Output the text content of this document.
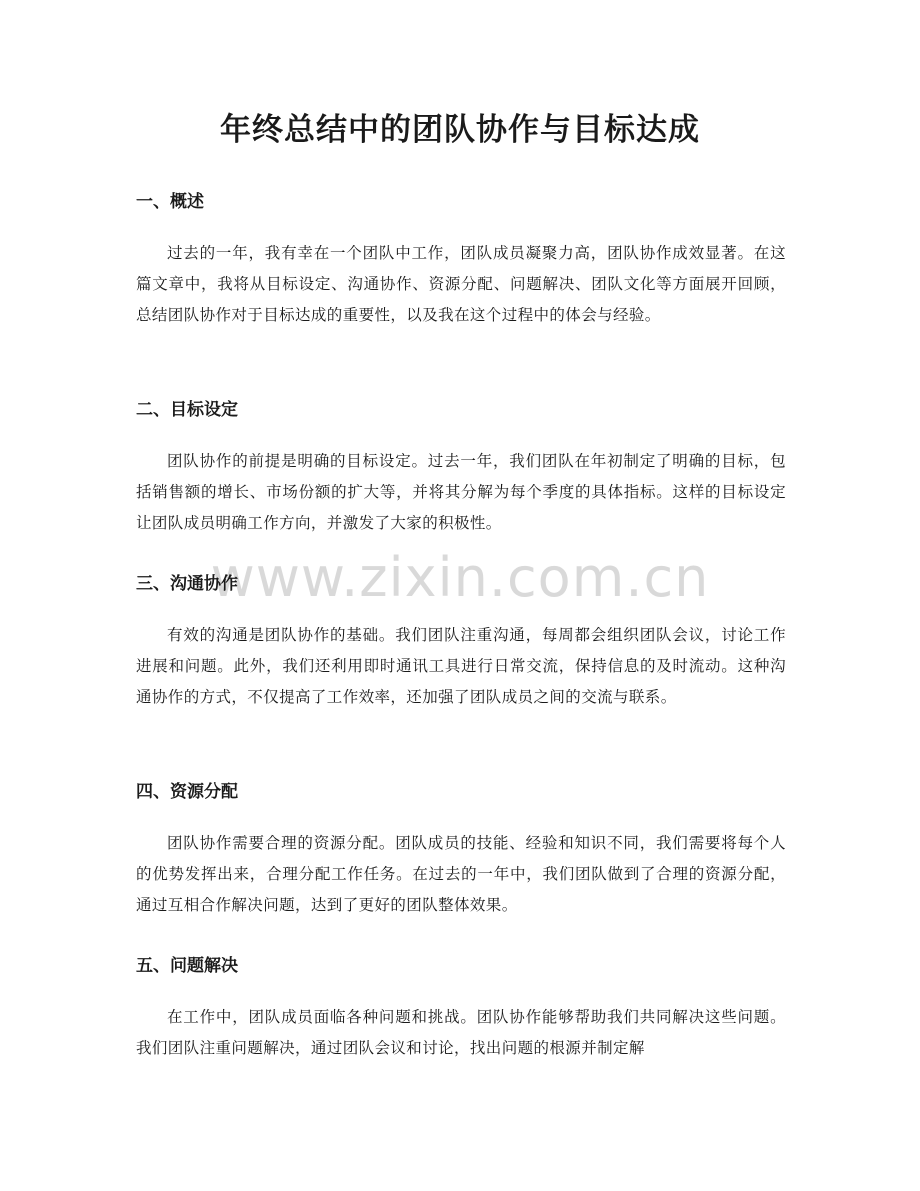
www.zixin.com.cn
年终总结中的团队协作与目标达成
一、概述

过去的一年，我有幸在一个团队中工作，团队成员凝聚力高，团队协作成效显著。在这篇文章中，我将从目标设定、沟通协作、资源分配、问题解决、团队文化等方面展开回顾，总结团队协作对于目标达成的重要性，以及我在这个过程中的体会与经验。

二、目标设定

团队协作的前提是明确的目标设定。过去一年，我们团队在年初制定了明确的目标，包括销售额的增长、市场份额的扩大等，并将其分解为每个季度的具体指标。这样的目标设定让团队成员明确工作方向，并激发了大家的积极性。

三、沟通协作

有效的沟通是团队协作的基础。我们团队注重沟通，每周都会组织团队会议，讨论工作进展和问题。此外，我们还利用即时通讯工具进行日常交流，保持信息的及时流动。这种沟通协作的方式，不仅提高了工作效率，还加强了团队成员之间的交流与联系。

四、资源分配

团队协作需要合理的资源分配。团队成员的技能、经验和知识不同，我们需要将每个人的优势发挥出来，合理分配工作任务。在过去的一年中，我们团队做到了合理的资源分配，通过互相合作解决问题，达到了更好的团队整体效果。

五、问题解决

在工作中，团队成员面临各种问题和挑战。团队协作能够帮助我们共同解决这些问题。我们团队注重问题解决，通过团队会议和讨论，找出问题的根源并制定解
